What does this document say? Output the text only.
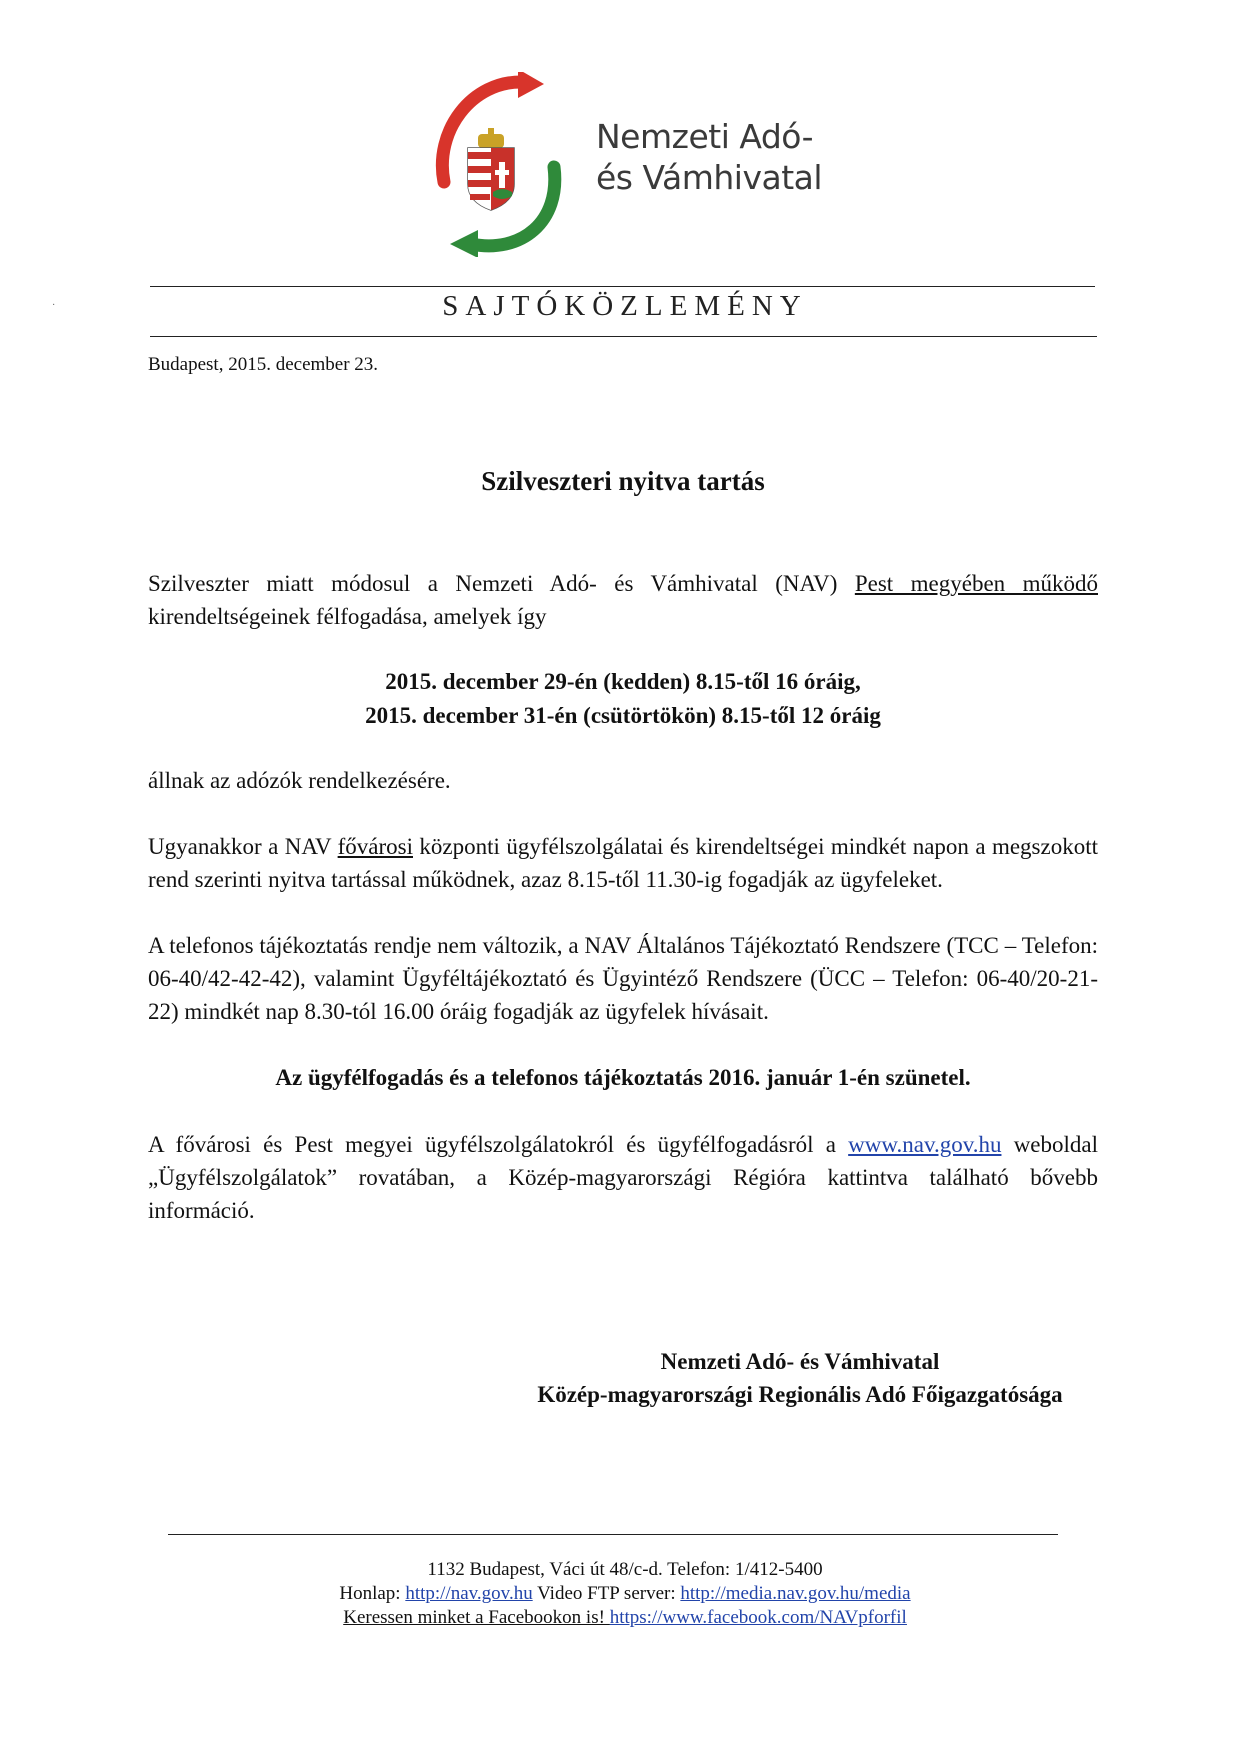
Nemzeti Adó-
és Vámhivatal
·	SAJTÓKÖZLEMÉNY
Budapest, 2015. december 23.
Szilveszteri nyitva tartás
Szilveszter miatt módosul a Nemzeti Adó- és Vámhivatal (NAV) Pest megyében működő kirendeltségeinek félfogadása, amelyek így
2015. december 29-én (kedden) 8.15-től 16 óráig,
2015. december 31-én (csütörtökön) 8.15-től 12 óráig
állnak az adózók rendelkezésére.
Ugyanakkor a NAV fővárosi központi ügyfélszolgálatai és kirendeltségei mindkét napon a megszokott rend szerinti nyitva tartással működnek, azaz 8.15-től 11.30-ig fogadják az ügyfeleket.
A telefonos tájékoztatás rendje nem változik, a NAV Általános Tájékoztató Rendszere (TCC – Telefon: 06-40/42-42-42), valamint Ügyféltájékoztató és Ügyintéző Rendszere (ÜCC – Telefon: 06-40/20-21-22) mindkét nap 8.30-tól 16.00 óráig fogadják az ügyfelek hívásait.
Az ügyfélfogadás és a telefonos tájékoztatás 2016. január 1-én szünetel.
A fővárosi és Pest megyei ügyfélszolgálatokról és ügyfélfogadásról a www.nav.gov.hu weboldal „Ügyfélszolgálatok” rovatában, a Közép-magyarországi Régióra kattintva található bővebb információ.
Nemzeti Adó- és Vámhivatal
Közép-magyarországi Regionális Adó Főigazgatósága
1132 Budapest, Váci út 48/c-d. Telefon: 1/412-5400
Honlap: http://nav.gov.hu Video FTP server: http://media.nav.gov.hu/media
Keressen minket a Facebookon is! https://www.facebook.com/NAVpforfil
